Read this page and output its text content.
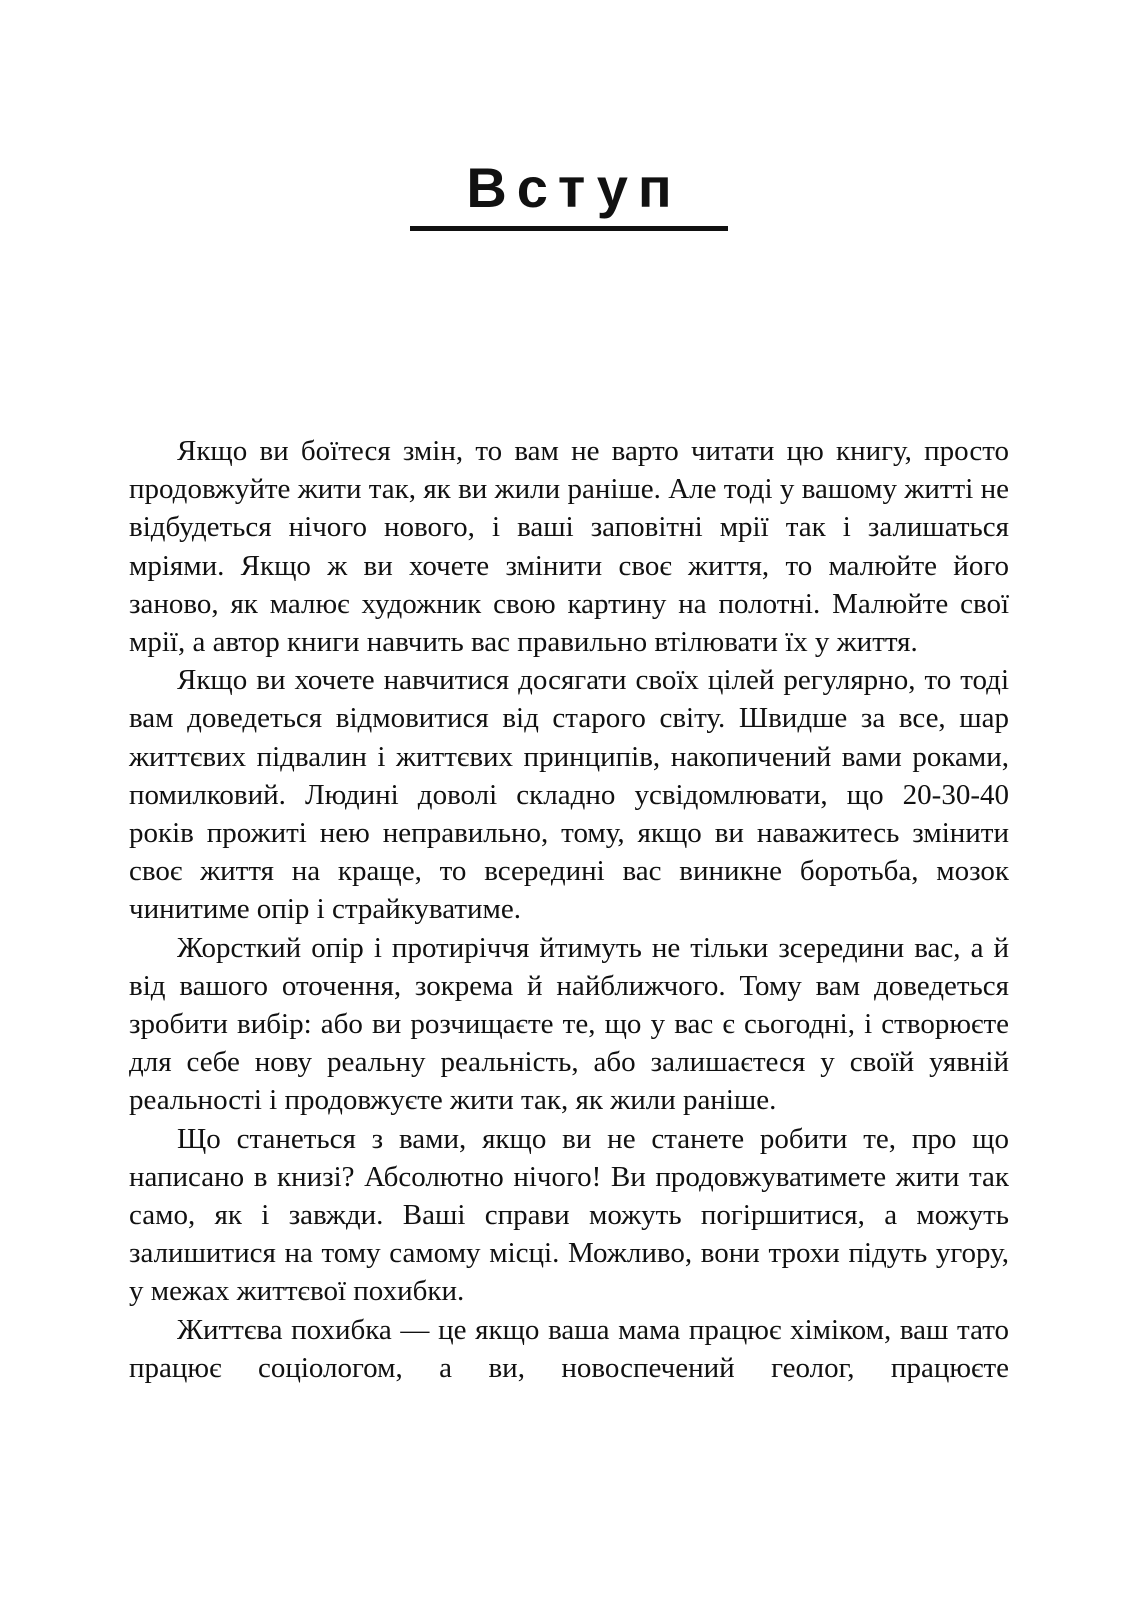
Вступ

Якщо ви боїтеся змін, то вам не варто читати цю книгу, просто продовжуйте жити так, як ви жили раніше. Але тоді у вашому житті не відбудеться нічого нового, і ваші заповітні мрії так і залишаться мріями. Якщо ж ви хочете змінити своє життя, то малюйте його заново, як малює художник свою картину на полотні. Малюйте свої мрії, а автор книги навчить вас правильно втілювати їх у життя.

Якщо ви хочете навчитися досягати своїх цілей регулярно, то тоді вам доведеться відмовитися від старого світу. Швидше за все, шар життєвих підвалин і життєвих принципів, накопичений вами роками, помилковий. Людині доволі складно усвідомлювати, що 20-30-40 років прожиті нею неправильно, тому, якщо ви наважитесь змінити своє життя на краще, то всередині вас виникне боротьба, мозок чинитиме опір і страйкуватиме.

Жорсткий опір і протиріччя йтимуть не тільки зсередини вас, а й від вашого оточення, зокрема й найближчого. Тому вам доведеться зробити вибір: або ви розчищаєте те, що у вас є сьогодні, і створюєте для себе нову реальну реальність, або залишаєтеся у своїй уявній реальності і продовжуєте жити так, як жили раніше.

Що станеться з вами, якщо ви не станете робити те, про що написано в книзі? Абсолютно нічого! Ви продовжуватимете жити так само, як і завжди. Ваші справи можуть погіршитися, а можуть залишитися на тому самому місці. Можливо, вони трохи підуть угору, у межах життєвої похибки.

Життєва похибка — це якщо ваша мама працює хіміком, ваш тато працює соціологом, а ви, новоспечений геолог, працюєте
